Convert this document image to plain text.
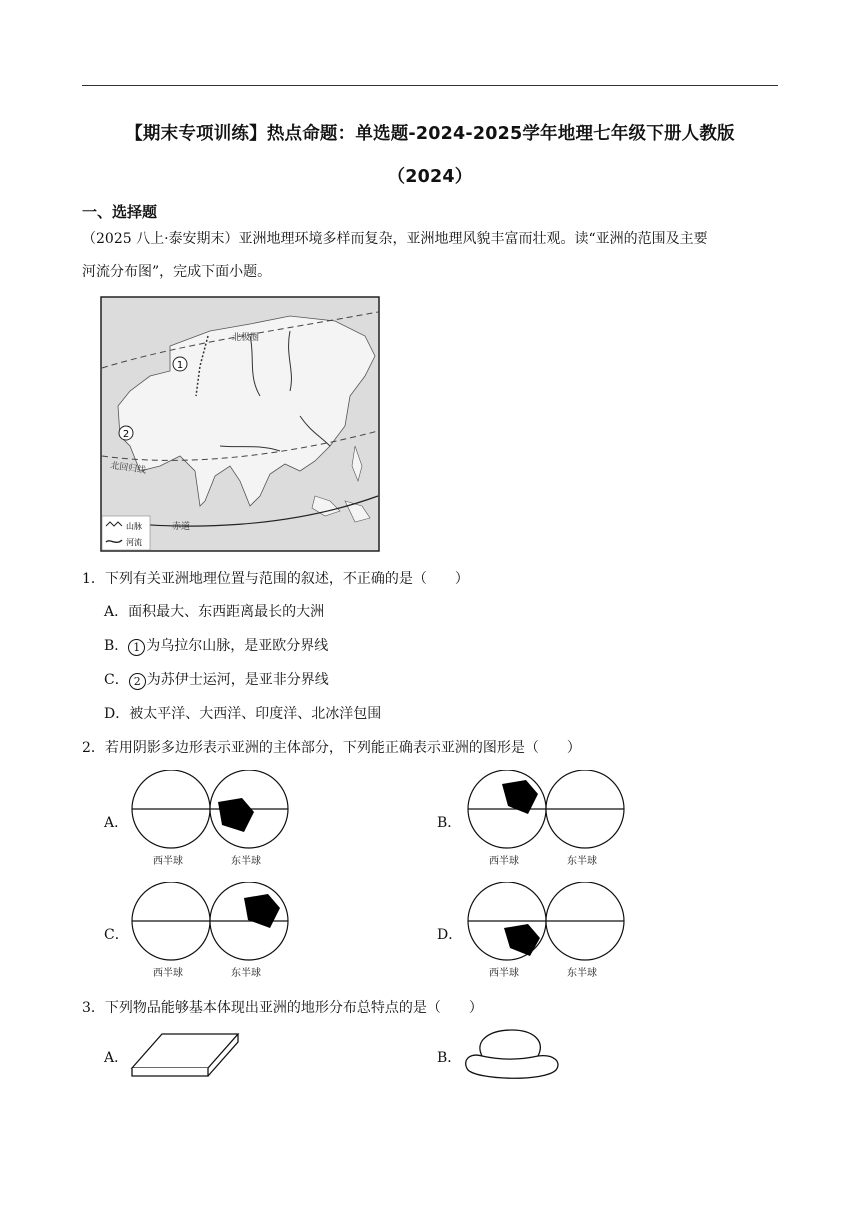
【期末专项训练】热点命题：单选题-2024-2025学年地理七年级下册人教版
（2024）
一、选择题
（2025 八上·泰安期末）亚洲地理环境多样而复杂，亚洲地理风貌丰富而壮观。读“亚洲的范围及主要
河流分布图”，完成下面小题。
1
2
北极圈
北回归线
赤道
山脉
河流
1．下列有关亚洲地理位置与范围的叙述，不正确的是（　　）
A．面积最大、东西距离最长的大洲
B． 1 为乌拉尔山脉，是亚欧分界线
C． 2 为苏伊士运河，是亚非分界线
D．被太平洋、大西洋、印度洋、北冰洋包围
2．若用阴影多边形表示亚洲的主体部分，下列能正确表示亚洲的图形是（　　）
A．
西半球	东半球
B．
西半球	东半球
C．
西半球	东半球
D．
西半球	东半球
3．下列物品能够基本体现出亚洲的地形分布总特点的是（　　）
A．	B．
